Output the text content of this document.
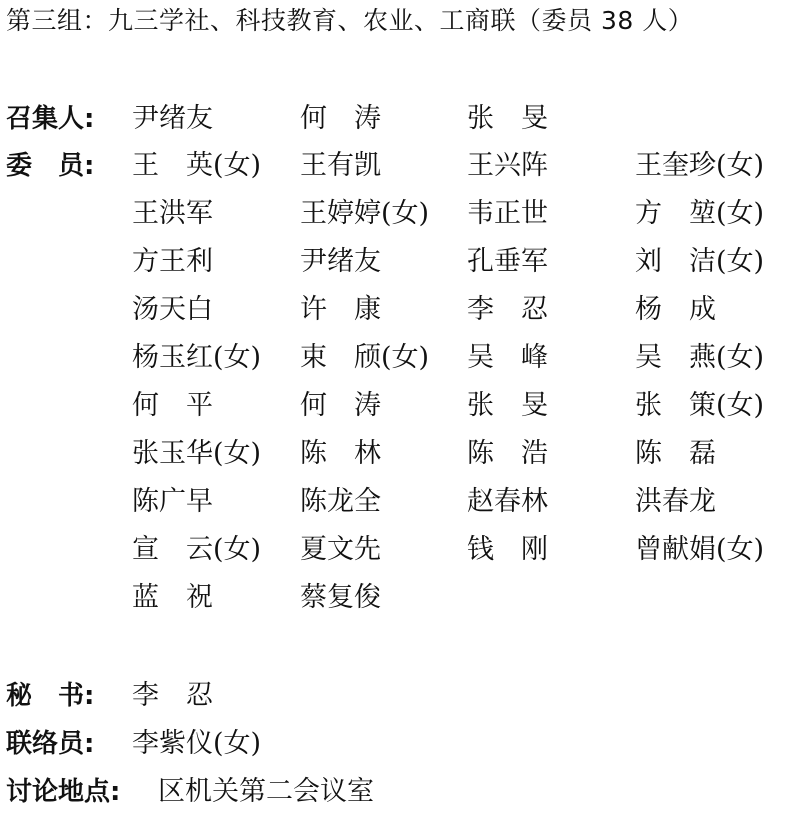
第三组：九三学社、科技教育、农业、工商联（委员 38 人）
召集人: 尹绪友	何　涛	张　旻
委　员: 王　英(女) 王有凯	王兴阵	王奎珍(女)
王洪军	王婷婷(女) 韦正世	方　堃(女)
方王利	尹绪友	孔垂军	刘　洁(女)
汤天白	许　康	李　忍	杨　成
杨玉红(女) 束　颀(女) 吴　峰	吴　燕(女)
何　平	何　涛	张　旻	张　策(女)
张玉华(女) 陈　林	陈　浩	陈　磊
陈广早	陈龙全	赵春林	洪春龙
宣　云(女) 夏文先	钱　刚	曾献娟(女)
蓝　祝	蔡复俊
秘　书: 李　忍
联络员: 李紫仪(女)
讨论地点: 区机关第二会议室
